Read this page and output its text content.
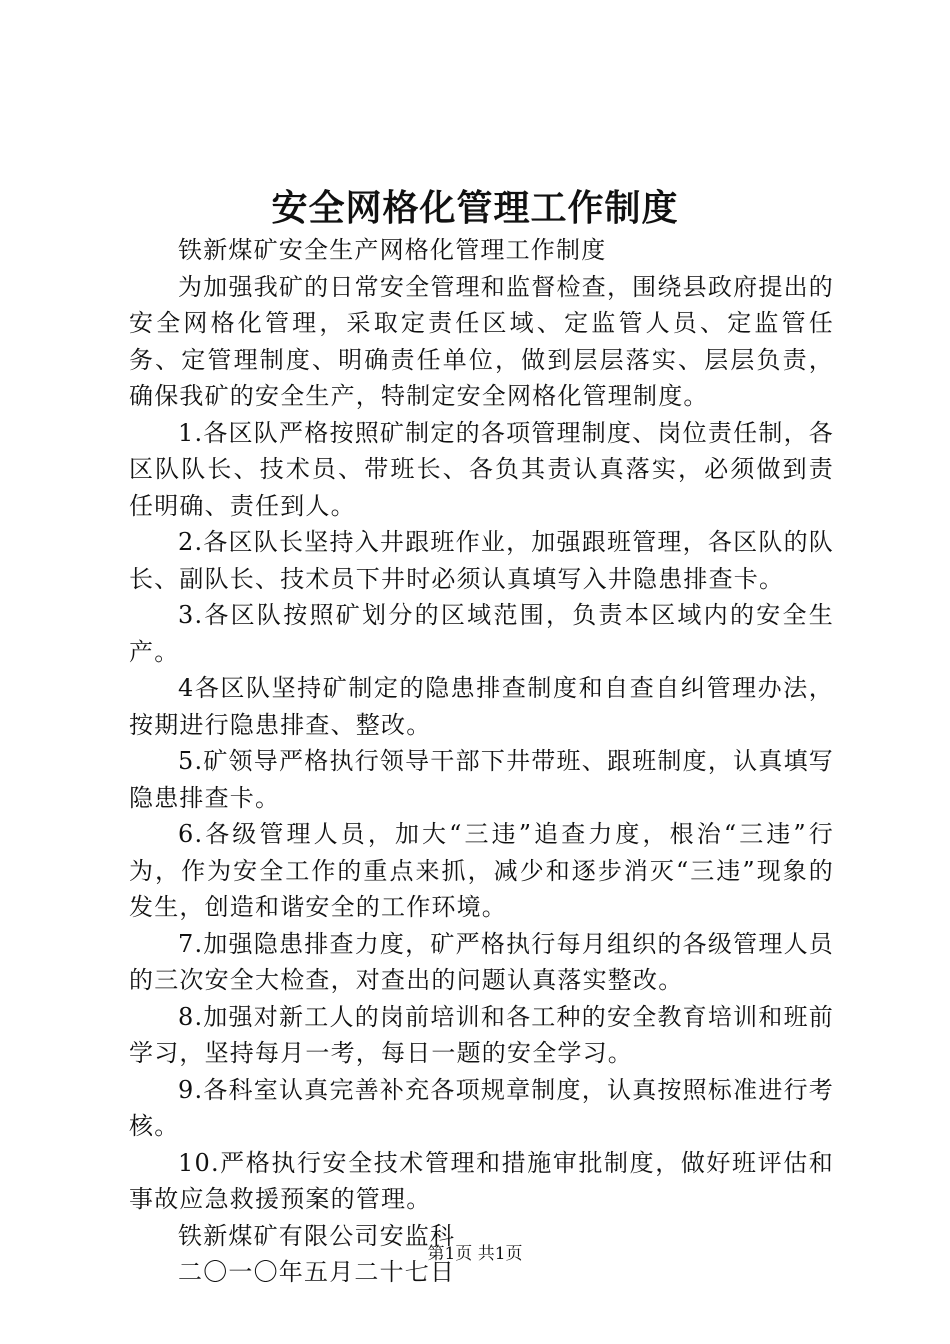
安全网格化管理工作制度

铁新煤矿安全生产网格化管理工作制度

为加强我矿的日常安全管理和监督检查，围绕县政府提出的安全网格化管理，采取定责任区域、定监管人员、定监管任务、定管理制度、明确责任单位，做到层层落实、层层负责，确保我矿的安全生产，特制定安全网格化管理制度。

1.各区队严格按照矿制定的各项管理制度、岗位责任制，各区队队长、技术员、带班长、各负其责认真落实，必须做到责任明确、责任到人。

2.各区队长坚持入井跟班作业，加强跟班管理，各区队的队长、副队长、技术员下井时必须认真填写入井隐患排查卡。

3.各区队按照矿划分的区域范围，负责本区域内的安全生产。

4各区队坚持矿制定的隐患排查制度和自查自纠管理办法，按期进行隐患排查、整改。

5.矿领导严格执行领导干部下井带班、跟班制度，认真填写隐患排查卡。

6.各级管理人员，加大“三违”追查力度，根治“三违”行为，作为安全工作的重点来抓，减少和逐步消灭“三违”现象的发生，创造和谐安全的工作环境。

7.加强隐患排查力度，矿严格执行每月组织的各级管理人员的三次安全大检查，对查出的问题认真落实整改。

8.加强对新工人的岗前培训和各工种的安全教育培训和班前学习，坚持每月一考，每日一题的安全学习。

9.各科室认真完善补充各项规章制度，认真按照标准进行考核。

10.严格执行安全技术管理和措施审批制度，做好班评估和事故应急救援预案的管理。

铁新煤矿有限公司安监科

二〇一〇年五月二十七日

第1页 共1页
